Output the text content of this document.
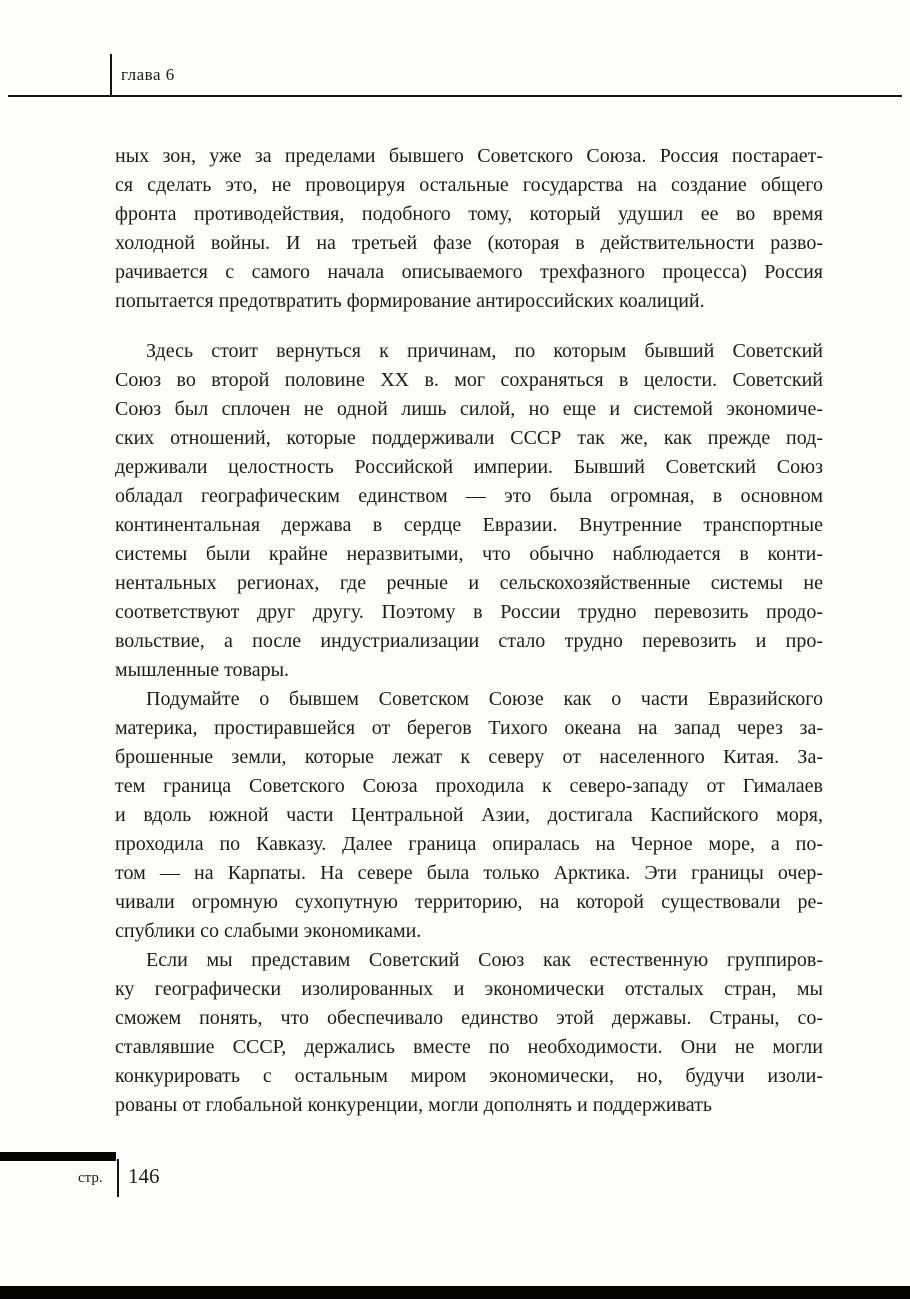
глава 6
ных зон, уже за пределами бывшего Советского Союза. Россия постарает-
ся сделать это, не провоцируя остальные государства на создание общего
фронта противодействия, подобного тому, который удушил ее во время
холодной войны. И на третьей фазе (которая в действительности разво-
рачивается с самого начала описываемого трехфазного процесса) Россия
попытается предотвратить формирование антироссийских коалиций.
Здесь стоит вернуться к причинам, по которым бывший Советский
Союз во второй половине XX в. мог сохраняться в целости. Советский
Союз был сплочен не одной лишь силой, но еще и системой экономиче-
ских отношений, которые поддерживали СССР так же, как прежде под-
держивали целостность Российской империи. Бывший Советский Союз
обладал географическим единством — это была огромная, в основном
континентальная держава в сердце Евразии. Внутренние транспортные
системы были крайне неразвитыми, что обычно наблюдается в конти-
нентальных регионах, где речные и сельскохозяйственные системы не
соответствуют друг другу. Поэтому в России трудно перевозить продо-
вольствие, а после индустриализации стало трудно перевозить и про-
мышленные товары.
Подумайте о бывшем Советском Союзе как о части Евразийского
материка, простиравшейся от берегов Тихого океана на запад через за-
брошенные земли, которые лежат к северу от населенного Китая. За-
тем граница Советского Союза проходила к северо-западу от Гималаев
и вдоль южной части Центральной Азии, достигала Каспийского моря,
проходила по Кавказу. Далее граница опиралась на Черное море, а по-
том — на Карпаты. На севере была только Арктика. Эти границы очер-
чивали огромную сухопутную территорию, на которой существовали ре-
спублики со слабыми экономиками.
Если мы представим Советский Союз как естественную группиров-
ку географически изолированных и экономически отсталых стран, мы
сможем понять, что обеспечивало единство этой державы. Страны, со-
ставлявшие СССР, держались вместе по необходимости. Они не могли
конкурировать с остальным миром экономически, но, будучи изоли-
рованы от глобальной конкуренции, могли дополнять и поддерживать
стр. 146
